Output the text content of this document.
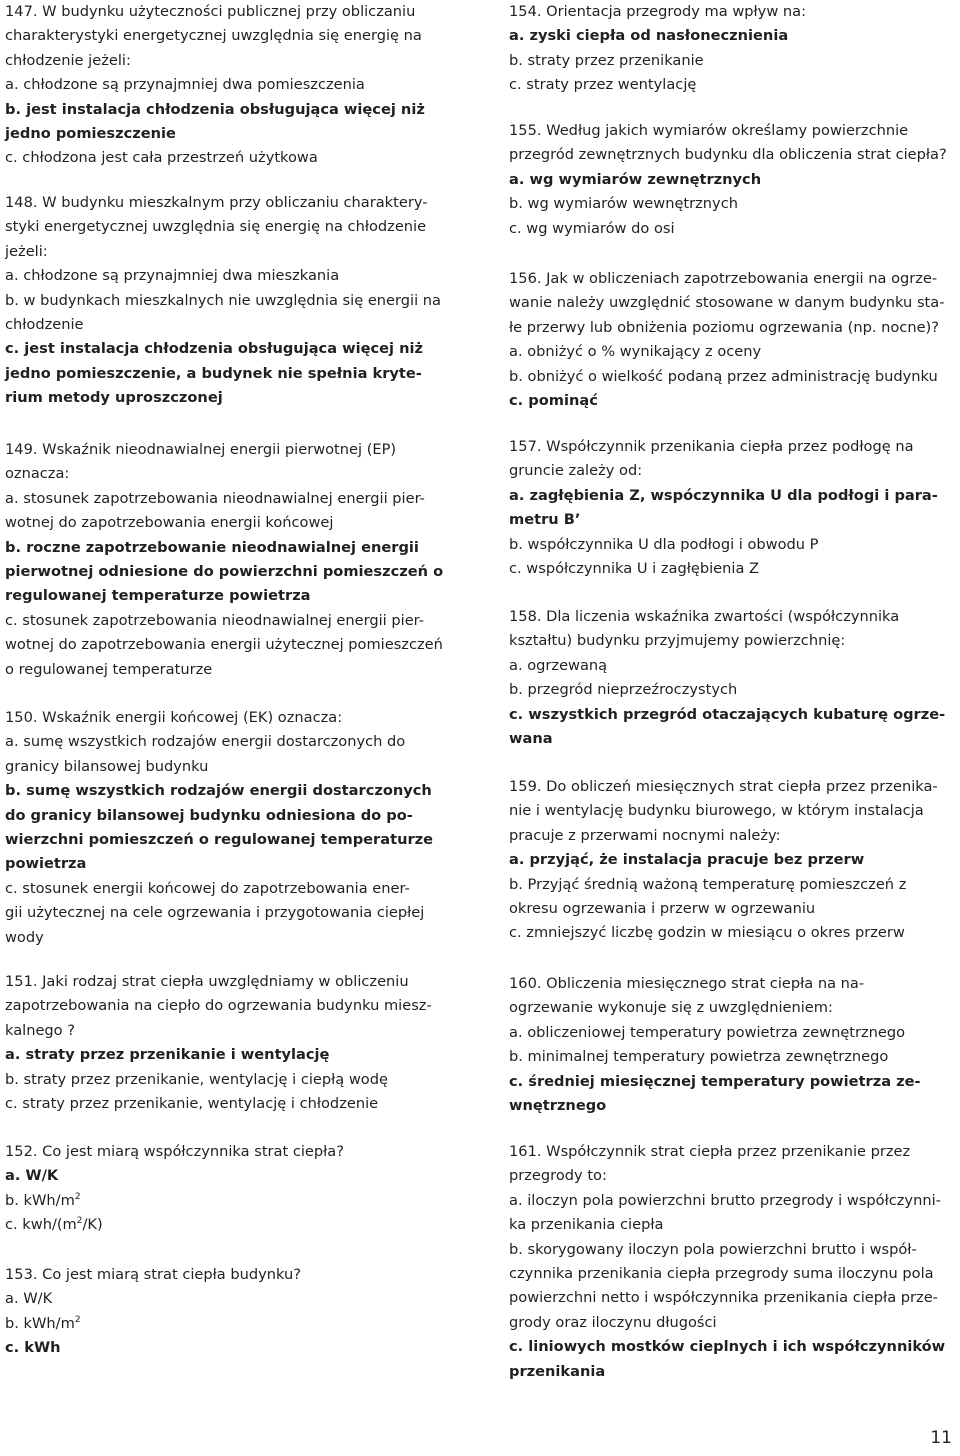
147. W budynku użyteczności publicznej przy obliczaniu
charakterystyki energetycznej uwzględnia się energię na
chłodzenie jeżeli:
a. chłodzone są przynajmniej dwa pomieszczenia
b. jest instalacja chłodzenia obsługująca więcej niż
jedno pomieszczenie
c. chłodzona jest cała przestrzeń użytkowa
148. W budynku mieszkalnym przy obliczaniu charaktery-
styki energetycznej uwzględnia się energię na chłodzenie
jeżeli:
a. chłodzone są przynajmniej dwa mieszkania
b. w budynkach mieszkalnych nie uwzględnia się energii na
chłodzenie
c. jest instalacja chłodzenia obsługująca więcej niż
jedno pomieszczenie, a budynek nie spełnia kryte-
rium metody uproszczonej
149. Wskaźnik nieodnawialnej energii pierwotnej (EP)
oznacza:
a. stosunek zapotrzebowania nieodnawialnej energii pier-
wotnej do zapotrzebowania energii końcowej
b. roczne zapotrzebowanie nieodnawialnej energii
pierwotnej odniesione do powierzchni pomieszczeń o
regulowanej temperaturze powietrza
c. stosunek zapotrzebowania nieodnawialnej energii pier-
wotnej do zapotrzebowania energii użytecznej pomieszczeń
o regulowanej temperaturze
150. Wskaźnik energii końcowej (EK) oznacza:
a. sumę wszystkich rodzajów energii dostarczonych do
granicy bilansowej budynku
b. sumę wszystkich rodzajów energii dostarczonych
do granicy bilansowej budynku odniesiona do po-
wierzchni pomieszczeń o regulowanej temperaturze
powietrza
c. stosunek energii końcowej do zapotrzebowania ener-
gii użytecznej na cele ogrzewania i przygotowania ciepłej
wody
151. Jaki rodzaj strat ciepła uwzględniamy w obliczeniu
zapotrzebowania na ciepło do ogrzewania budynku miesz-
kalnego ?
a. straty przez przenikanie i wentylację
b. straty przez przenikanie, wentylację i ciepłą wodę
c. straty przez przenikanie, wentylację i chłodzenie
152. Co jest miarą współczynnika strat ciepła?
a. W/K
b. kWh/$m^2$
c. kwh/$(m^2/K)$
153. Co jest miarą strat ciepła budynku?
a. W/K
b. kWh/$m^2$
c. kWh
154. Orientacja przegrody ma wpływ na:
a. zyski ciepła od nasłonecznienia
b. straty przez przenikanie
c. straty przez wentylację
155. Według jakich wymiarów określamy powierzchnie
przegród zewnętrznych budynku dla obliczenia strat ciepła?
a. wg wymiarów zewnętrznych
b. wg wymiarów wewnętrznych
c. wg wymiarów do osi
156. Jak w obliczeniach zapotrzebowania energii na ogrze-
wanie należy uwzględnić stosowane w danym budynku sta-
łe przerwy lub obniżenia poziomu ogrzewania (np. nocne)?
a. obniżyć o % wynikający z oceny
b. obniżyć o wielkość podaną przez administrację budynku
c. pominąć
157. Współczynnik przenikania ciepła przez podłogę na
gruncie zależy od:
a. zagłębienia Z, wspóczynnika U dla podłogi i para-
metru B’
b. współczynnika U dla podłogi i obwodu P
c. współczynnika U i zagłębienia Z
158. Dla liczenia wskaźnika zwartości (współczynnika
kształtu) budynku przyjmujemy powierzchnię:
a. ogrzewaną
b. przegród nieprzeźroczystych
c. wszystkich przegród otaczających kubaturę ogrze-
wana
159. Do obliczeń miesięcznych strat ciepła przez przenika-
nie i wentylację budynku biurowego, w którym instalacja
pracuje z przerwami nocnymi należy:
a. przyjąć, że instalacja pracuje bez przerw
b. Przyjąć średnią ważoną temperaturę pomieszczeń z
okresu ogrzewania i przerw w ogrzewaniu
c. zmniejszyć liczbę godzin w miesiącu o okres przerw
160. Obliczenia miesięcznego strat ciepła na na-
ogrzewanie wykonuje się z uwzględnieniem:
a. obliczeniowej temperatury powietrza zewnętrznego
b. minimalnej temperatury powietrza zewnętrznego
c. średniej miesięcznej temperatury powietrza ze-
wnętrznego
161. Współczynnik strat ciepła przez przenikanie przez
przegrody to:
a. iloczyn pola powierzchni brutto przegrody i współczynni-
ka przenikania ciepła
b. skorygowany iloczyn pola powierzchni brutto i współ-
czynnika przenikania ciepła przegrody suma iloczynu pola
powierzchni netto i współczynnika przenikania ciepła prze-
grody oraz iloczynu długości
c. liniowych mostków cieplnych i ich współczynników
przenikania
11
